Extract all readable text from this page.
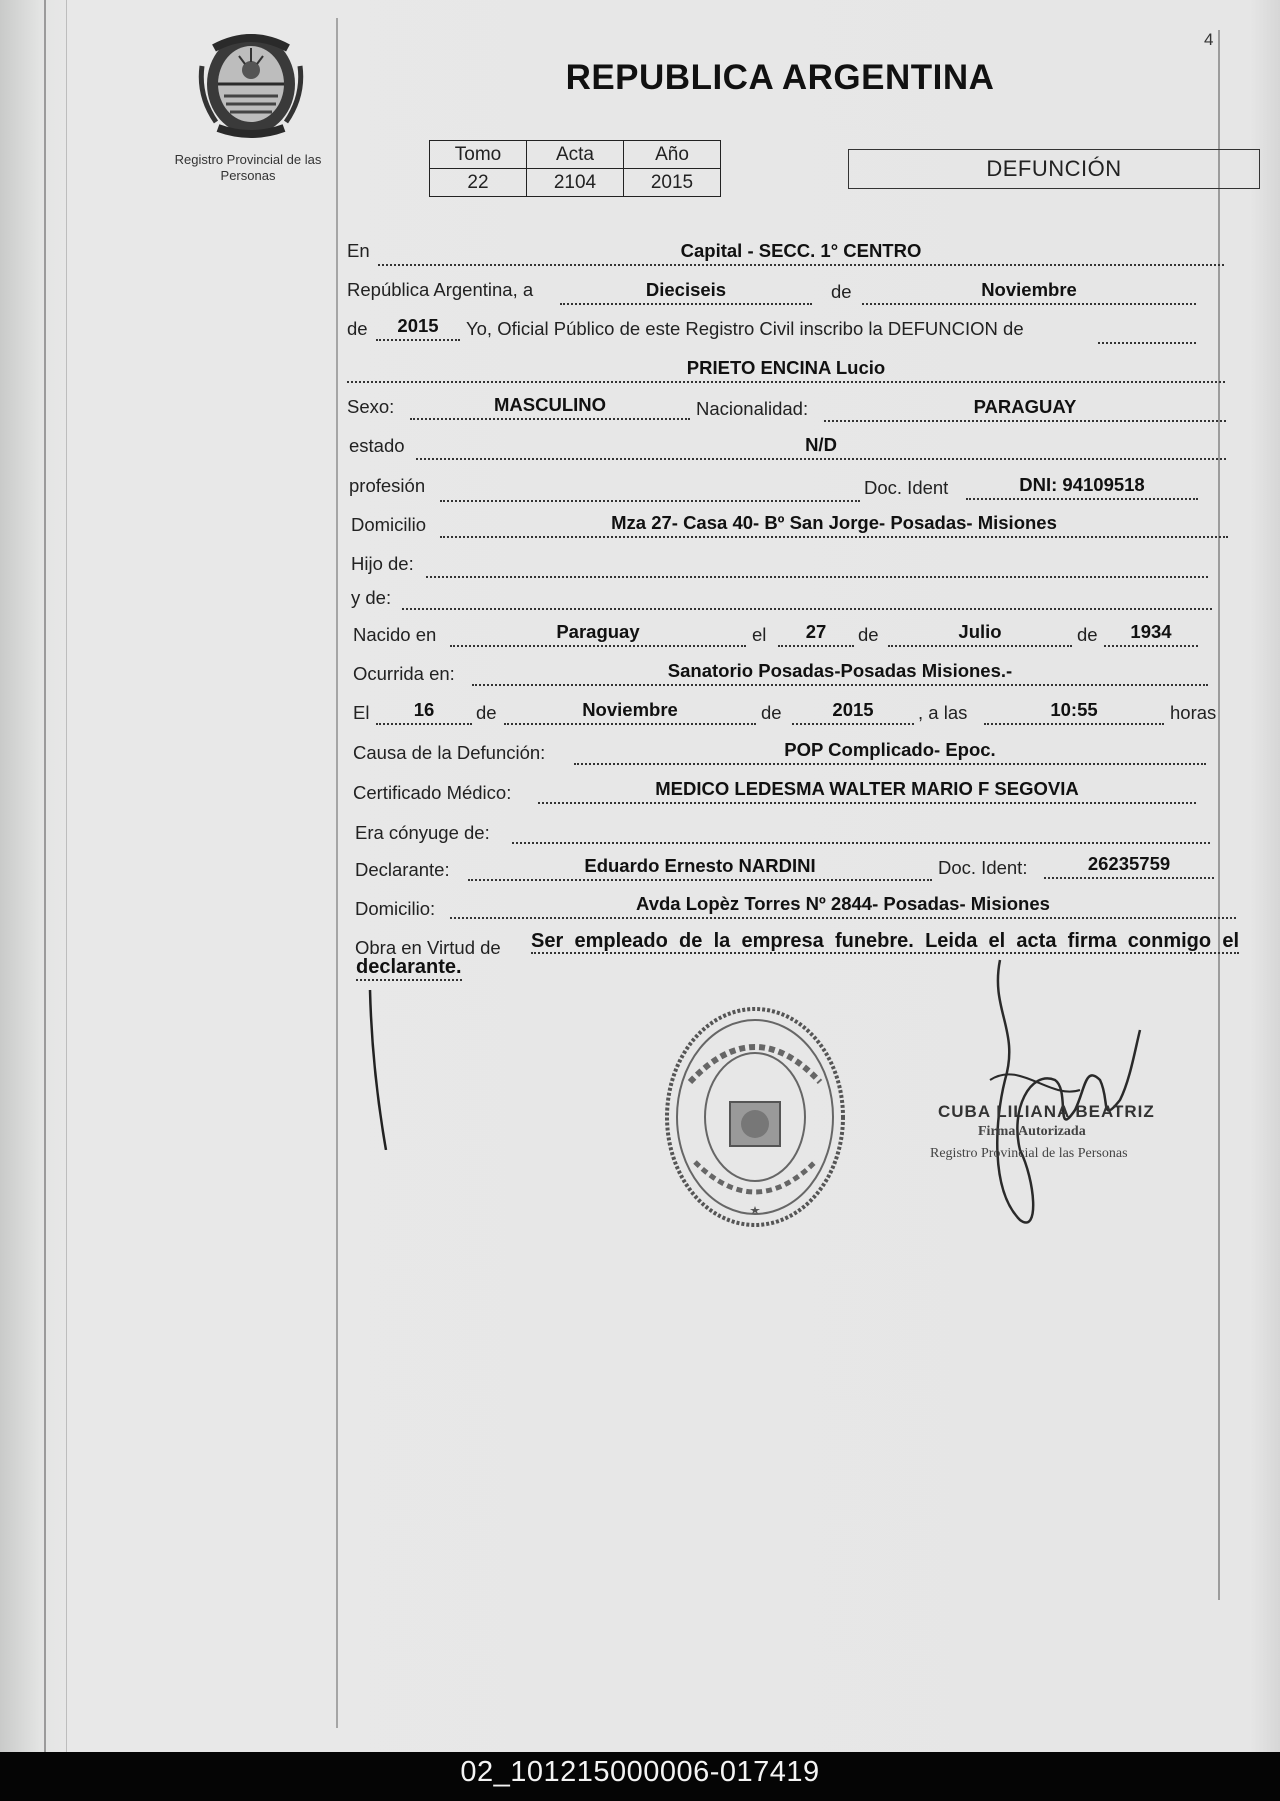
4
Registro Provincial de las Personas
REPUBLICA ARGENTINA
Tomo	Acta	Año
22	2104	2015
DEFUNCIÓN
En	Capital - SECC. 1° CENTRO
República Argentina, a	Dieciseis	de	Noviembre
de	2015	Yo, Oficial Público de este Registro Civil inscribo la DEFUNCION de
PRIETO ENCINA Lucio
Sexo:	MASCULINO	Nacionalidad:	PARAGUAY
estado	N/D
profesión	Doc. Ident	DNI: 94109518
Domicilio	Mza 27- Casa 40- Bº San Jorge- Posadas- Misiones
Hijo de:
y de:
Nacido en	Paraguay	el	27	de	Julio	de	1934
Ocurrida en:	Sanatorio Posadas-Posadas Misiones.-
El	16	de	Noviembre	de	2015	, a las	10:55	horas
Causa de la Defunción:	POP Complicado- Epoc.
Certificado Médico:	MEDICO LEDESMA WALTER MARIO F SEGOVIA
Era cónyuge de:
Declarante:	Eduardo Ernesto NARDINI	Doc. Ident:	26235759
Domicilio:	Avda Lopèz Torres Nº 2844- Posadas- Misiones
Obra en Virtud de Ser empleado de la empresa funebre. Leida el acta firma conmigo el
declarante.
CUBA LILIANA BEATRIZ
Firma Autorizada
Registro Provincial de las Personas
02_101215000006-017419
